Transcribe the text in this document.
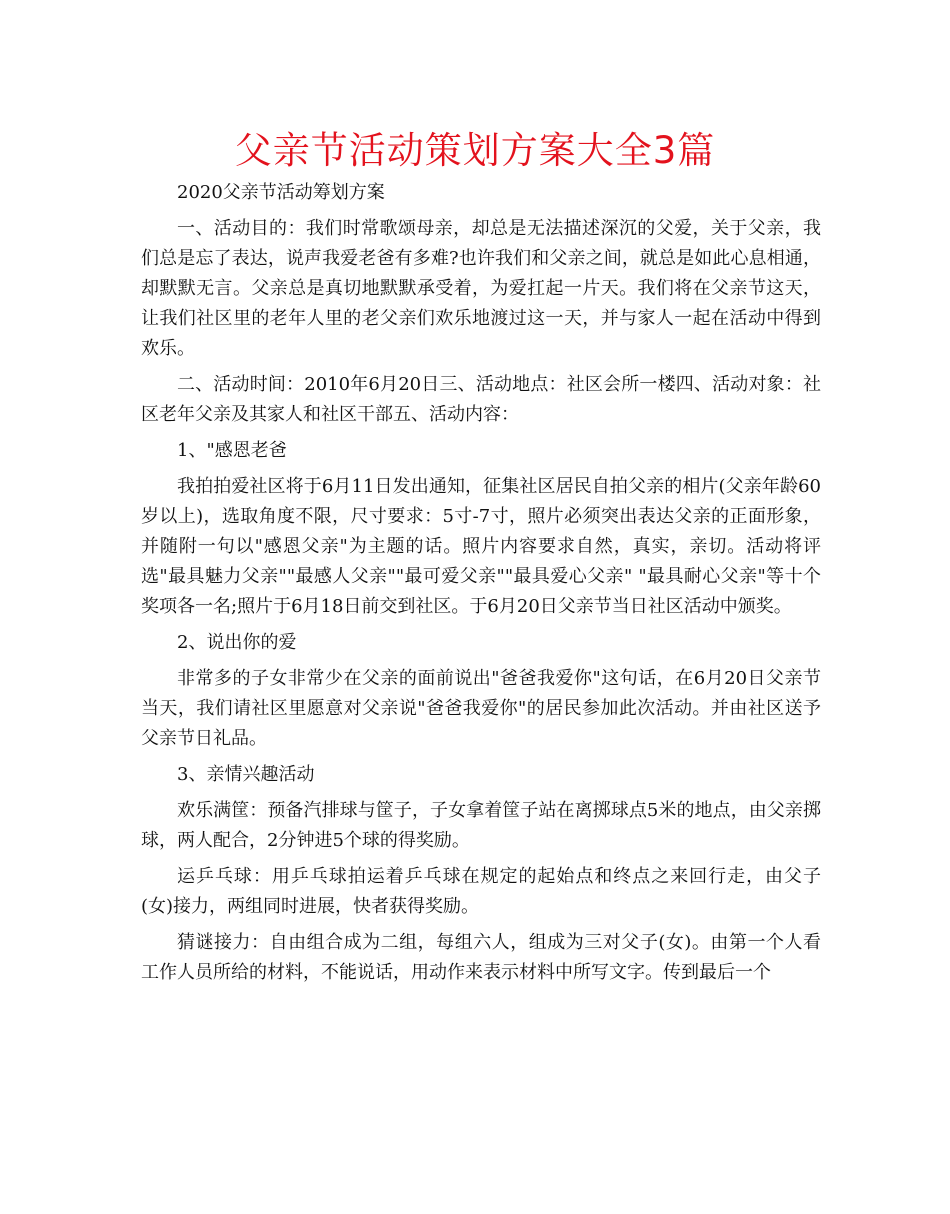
父亲节活动策划方案大全3篇

2020父亲节活动筹划方案

一、活动目的：我们时常歌颂母亲，却总是无法描述深沉的父爱，关于父亲，我们总是忘了表达，说声我爱老爸有多难?也许我们和父亲之间，就总是如此心息相通，却默默无言。父亲总是真切地默默承受着，为爱扛起一片天。我们将在父亲节这天，让我们社区里的老年人里的老父亲们欢乐地渡过这一天，并与家人一起在活动中得到欢乐。

二、活动时间：2010年6月20日三、活动地点：社区会所一楼四、活动对象：社区老年父亲及其家人和社区干部五、活动内容：

1、"感恩老爸

我拍拍爱社区将于6月11日发出通知，征集社区居民自拍父亲的相片(父亲年龄60岁以上)，选取角度不限，尺寸要求：5寸-7寸，照片必须突出表达父亲的正面形象，并随附一句以"感恩父亲"为主题的话。照片内容要求自然，真实，亲切。活动将评选"最具魅力父亲""最感人父亲""最可爱父亲""最具爱心父亲" "最具耐心父亲"等十个奖项各一名;照片于6月18日前交到社区。于6月20日父亲节当日社区活动中颁奖。

2、说出你的爱

非常多的子女非常少在父亲的面前说出"爸爸我爱你"这句话，在6月20日父亲节当天，我们请社区里愿意对父亲说"爸爸我爱你"的居民参加此次活动。并由社区送予父亲节日礼品。

3、亲情兴趣活动

欢乐满筐：预备汽排球与筐子，子女拿着筐子站在离掷球点5米的地点，由父亲掷球，两人配合，2分钟进5个球的得奖励。

运乒乓球：用乒乓球拍运着乒乓球在规定的起始点和终点之来回行走，由父子(女)接力，两组同时进展，快者获得奖励。

猜谜接力：自由组合成为二组，每组六人，组成为三对父子(女)。由第一个人看工作人员所给的材料，不能说话，用动作来表示材料中所写文字。传到最后一个
